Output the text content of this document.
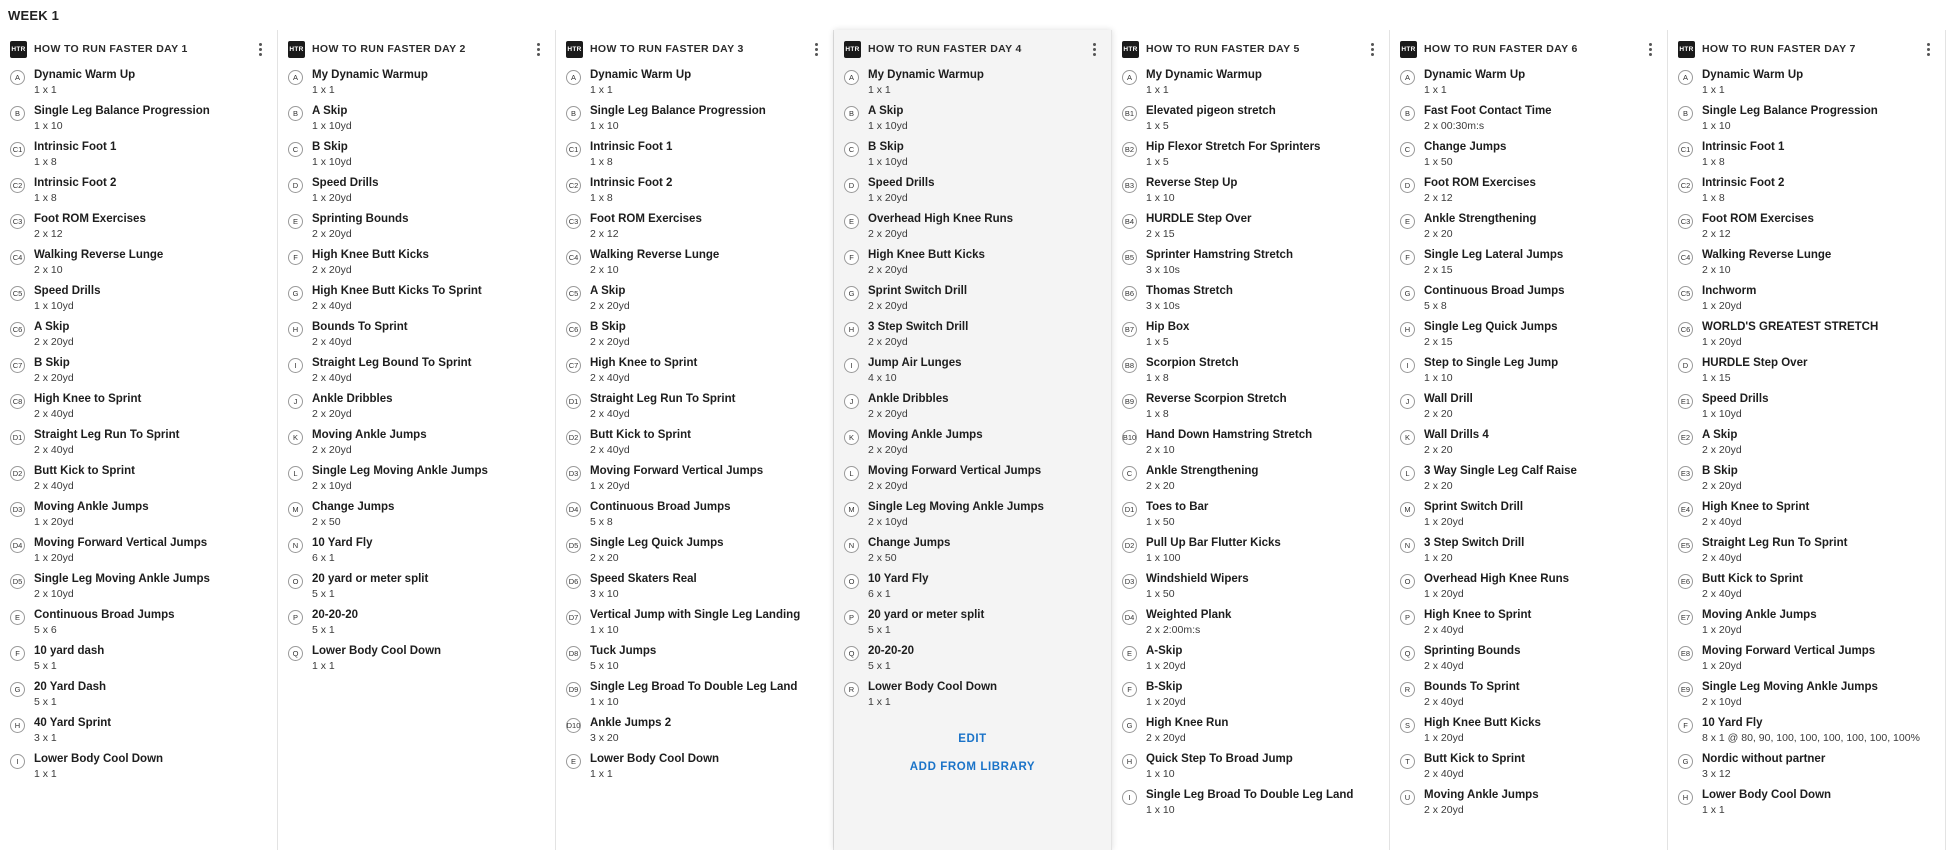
WEEK 1
HTR HOW TO RUN FASTER DAY 1
A	Dynamic Warm Up
1 x 1
B	Single Leg Balance Progression
1 x 10
C1 Intrinsic Foot 1
1 x 8
C2 Intrinsic Foot 2
1 x 8
C3 Foot ROM Exercises
2 x 12
C4 Walking Reverse Lunge
2 x 10
C5 Speed Drills
1 x 10yd
C6 A Skip
2 x 20yd
C7 B Skip
2 x 20yd
C8 High Knee to Sprint
2 x 40yd
D1 Straight Leg Run To Sprint
2 x 40yd
D2 Butt Kick to Sprint
2 x 40yd
D3 Moving Ankle Jumps
1 x 20yd
D4 Moving Forward Vertical Jumps
1 x 20yd
D5 Single Leg Moving Ankle Jumps
2 x 10yd
E	Continuous Broad Jumps
5 x 6
F	10 yard dash
5 x 1
G	20 Yard Dash
5 x 1
H	40 Yard Sprint
3 x 1
I	Lower Body Cool Down
1 x 1
HTR HOW TO RUN FASTER DAY 2
A	My Dynamic Warmup
1 x 1
B	A Skip
1 x 10yd
C	B Skip
1 x 10yd
D	Speed Drills
1 x 20yd
E	Sprinting Bounds
2 x 20yd
F	High Knee Butt Kicks
2 x 20yd
G	High Knee Butt Kicks To Sprint
2 x 40yd
H	Bounds To Sprint
2 x 40yd
I	Straight Leg Bound To Sprint
2 x 40yd
J	Ankle Dribbles
2 x 20yd
K	Moving Ankle Jumps
2 x 20yd
L	Single Leg Moving Ankle Jumps
2 x 10yd
M	Change Jumps
2 x 50
N	10 Yard Fly
6 x 1
O	20 yard or meter split
5 x 1
P	20-20-20
5 x 1
Q	Lower Body Cool Down
1 x 1
HTR HOW TO RUN FASTER DAY 3
A	Dynamic Warm Up
1 x 1
B	Single Leg Balance Progression
1 x 10
C1 Intrinsic Foot 1
1 x 8
C2 Intrinsic Foot 2
1 x 8
C3 Foot ROM Exercises
2 x 12
C4 Walking Reverse Lunge
2 x 10
C5 A Skip
2 x 20yd
C6 B Skip
2 x 20yd
C7 High Knee to Sprint
2 x 40yd
D1 Straight Leg Run To Sprint
2 x 40yd
D2 Butt Kick to Sprint
2 x 40yd
D3 Moving Forward Vertical Jumps
1 x 20yd
D4 Continuous Broad Jumps
5 x 8
D5 Single Leg Quick Jumps
2 x 20
D6 Speed Skaters Real
3 x 10
D7 Vertical Jump with Single Leg Landing
1 x 10
D8 Tuck Jumps
5 x 10
D9 Single Leg Broad To Double Leg Land
1 x 10
D10 Ankle Jumps 2
3 x 20
E	Lower Body Cool Down
1 x 1
HTR HOW TO RUN FASTER DAY 4
A	My Dynamic Warmup
1 x 1
B	A Skip
1 x 10yd
C	B Skip
1 x 10yd
D	Speed Drills
1 x 20yd
E	Overhead High Knee Runs
2 x 20yd
F	High Knee Butt Kicks
2 x 20yd
G	Sprint Switch Drill
2 x 20yd
H	3 Step Switch Drill
2 x 20yd
I	Jump Air Lunges
4 x 10
J	Ankle Dribbles
2 x 20yd
K	Moving Ankle Jumps
2 x 20yd
L	Moving Forward Vertical Jumps
2 x 20yd
M	Single Leg Moving Ankle Jumps
2 x 10yd
N	Change Jumps
2 x 50
O	10 Yard Fly
6 x 1
P	20 yard or meter split
5 x 1
Q	20-20-20
5 x 1
R	Lower Body Cool Down
1 x 1
EDIT
ADD FROM LIBRARY
HTR HOW TO RUN FASTER DAY 5
A	My Dynamic Warmup
1 x 1
B1 Elevated pigeon stretch
1 x 5
B2 Hip Flexor Stretch For Sprinters
1 x 5
B3 Reverse Step Up
1 x 10
B4 HURDLE Step Over
2 x 15
B5 Sprinter Hamstring Stretch
3 x 10s
B6 Thomas Stretch
3 x 10s
B7 Hip Box
1 x 5
B8 Scorpion Stretch
1 x 8
B9 Reverse Scorpion Stretch
1 x 8
B10 Hand Down Hamstring Stretch
2 x 10
C	Ankle Strengthening
2 x 20
D1 Toes to Bar
1 x 50
D2 Pull Up Bar Flutter Kicks
1 x 100
D3 Windshield Wipers
1 x 50
D4 Weighted Plank
2 x 2:00m:s
E	A-Skip
1 x 20yd
F	B-Skip
1 x 20yd
G	High Knee Run
2 x 20yd
H	Quick Step To Broad Jump
1 x 10
I	Single Leg Broad To Double Leg Land
1 x 10
HTR HOW TO RUN FASTER DAY 6
A	Dynamic Warm Up
1 x 1
B	Fast Foot Contact Time
2 x 00:30m:s
C	Change Jumps
1 x 50
D	Foot ROM Exercises
2 x 12
E	Ankle Strengthening
2 x 20
F	Single Leg Lateral Jumps
2 x 15
G	Continuous Broad Jumps
5 x 8
H	Single Leg Quick Jumps
2 x 15
I	Step to Single Leg Jump
1 x 10
J	Wall Drill
2 x 20
K	Wall Drills 4
2 x 20
L	3 Way Single Leg Calf Raise
2 x 20
M	Sprint Switch Drill
1 x 20yd
N	3 Step Switch Drill
1 x 20
O	Overhead High Knee Runs
1 x 20yd
P	High Knee to Sprint
2 x 40yd
Q	Sprinting Bounds
2 x 40yd
R	Bounds To Sprint
2 x 40yd
S	High Knee Butt Kicks
1 x 20yd
T	Butt Kick to Sprint
2 x 40yd
U	Moving Ankle Jumps
2 x 20yd
HTR HOW TO RUN FASTER DAY 7
A	Dynamic Warm Up
1 x 1
B	Single Leg Balance Progression
1 x 10
C1 Intrinsic Foot 1
1 x 8
C2 Intrinsic Foot 2
1 x 8
C3 Foot ROM Exercises
2 x 12
C4 Walking Reverse Lunge
2 x 10
C5 Inchworm
1 x 20yd
C6 WORLD'S GREATEST STRETCH
1 x 20yd
D	HURDLE Step Over
1 x 15
E1 Speed Drills
1 x 10yd
E2 A Skip
2 x 20yd
E3 B Skip
2 x 20yd
E4 High Knee to Sprint
2 x 40yd
E5 Straight Leg Run To Sprint
2 x 40yd
E6 Butt Kick to Sprint
2 x 40yd
E7 Moving Ankle Jumps
1 x 20yd
E8 Moving Forward Vertical Jumps
1 x 20yd
E9 Single Leg Moving Ankle Jumps
2 x 10yd
F	10 Yard Fly
8 x 1 @ 80, 90, 100, 100, 100, 100, 100, 100%
G	Nordic without partner
3 x 12
H	Lower Body Cool Down
1 x 1
